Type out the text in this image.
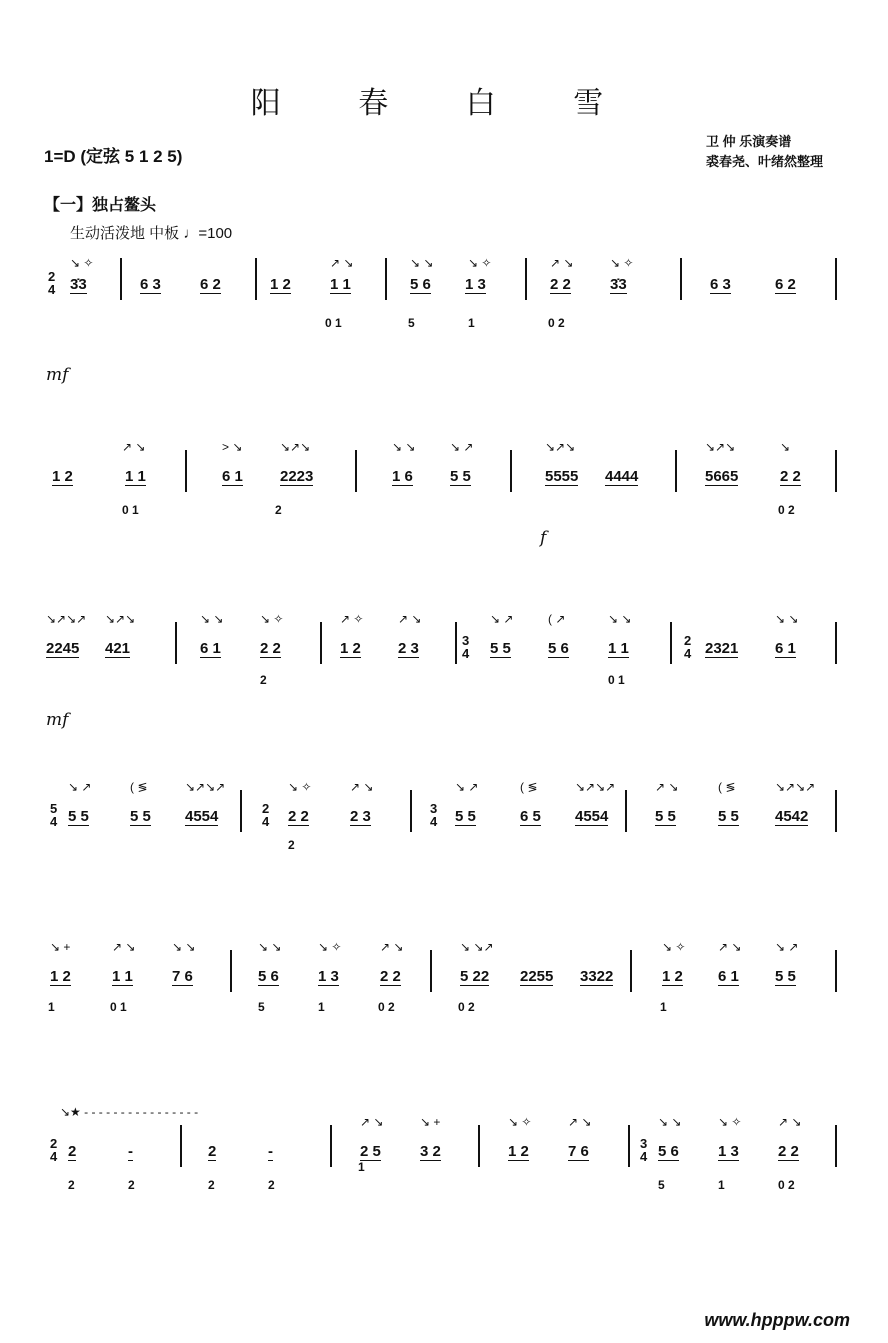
阳 春 白 雪
1=D (定弦 5 1 2 5)
卫 仲 乐演奏谱
裘春尧、叶绪然整理
【一】独占鳌头
生动活泼地 中板 ♩=100
mf
f
mf
3̇3	6 3	6 2	1 2	1 1	5 6 1 3	2 2	3̇3	6 3	6 2
0 1	5	1	0 2
↘ ✧	↗ ↘	↘ ↘	↘ ✧	↗ ↘	↘ ✧
2
4
1 2	1 1	6 1 2223	1 6 5 5	5555 4444	5665	2 2
0 1	2	0 2
↗ ↘	> ↘	↘↗↘	↘ ↘	↘ ↗	↘↗↘	↘↗↘	↘
2245 421	6 1	2 2	1 2 2 3	5 5 5 6	1 1	2321 6 1
2	0 1
↘↗↘↗ ↘↗↘	↘ ↘	↘ ✧	↗ ✧	↗ ↘	↘ ↗	( ↗	↘ ↘	↘ ↘
3
4
2
4
5 5	5 5 4554	2 2	2 3	5 5	6 5 4554	5 5	5 5 4542
2
↘ ↗	( ≶	↘↗↘↗	↘ ✧	↗ ↘	↘ ↗	( ≶	↘↗↘↗	↗ ↘	( ≶	↘↗↘↗
5
4
2
4
3
4
1 2	1 1	7 6	5 6	1 3	2 2	5 22 2255 3322	1 2 6 1 5 5
1	0 1	5	1	0 2	0 2	1
↘ +	↗ ↘	↘ ↘	↘ ↘	↘ ✧	↗ ↘	↘ ↘↗	↘ ✧	↗ ↘	↘ ↗
2	-	2	-	2 5	3 2	1 2	7 6	5 6	1 3	2 2
2	2	2	2
1
5	1	0 2
↘★ - - - - - - - - - - - - - - - -
↗ ↘	↘ +	↘ ✧	↗ ↘	↘ ↘	↘ ✧	↗ ↘
2
4
3
4
www.hpppw.com
